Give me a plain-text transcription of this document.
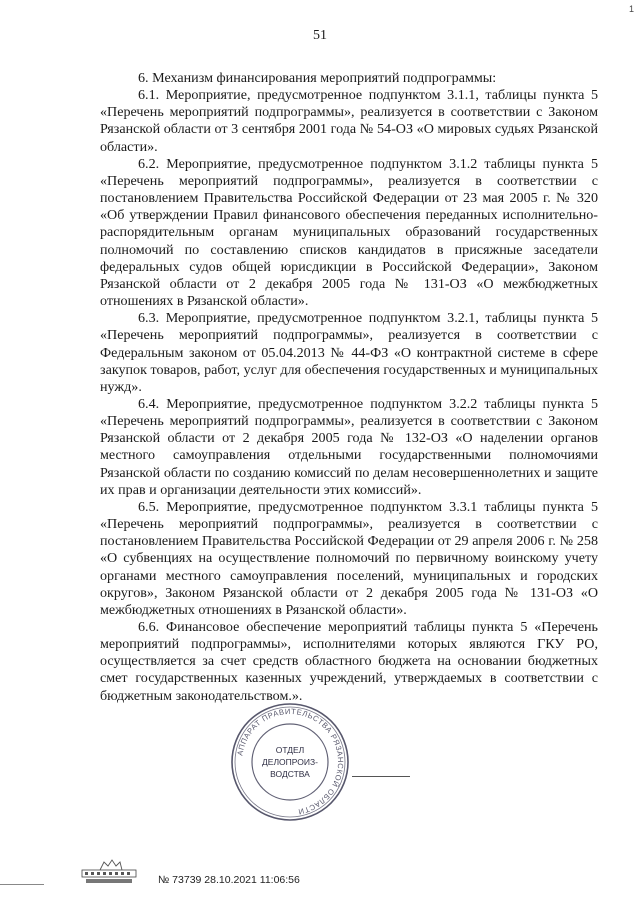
1
51

6. Механизм финансирования мероприятий подпрограммы:

6.1. Мероприятие, предусмотренное подпунктом 3.1.1, таблицы пункта 5 «Перечень мероприятий подпрограммы», реализуется в соответствии с Законом Рязанской области от 3 сентября 2001 года № 54-ОЗ «О мировых судьях Рязанской области».

6.2. Мероприятие, предусмотренное подпунктом 3.1.2 таблицы пункта 5 «Перечень мероприятий подпрограммы», реализуется в соответствии с постановлением Правительства Российской Федерации от 23 мая 2005 г. № 320 «Об утверждении Правил финансового обеспечения переданных исполнительно-распорядительным органам муниципальных образований государственных полномочий по составлению списков кандидатов в присяжные заседатели федеральных судов общей юрисдикции в Российской Федерации», Законом Рязанской области от 2 декабря 2005 года № 131-ОЗ «О межбюджетных отношениях в Рязанской области».

6.3. Мероприятие, предусмотренное подпунктом 3.2.1, таблицы пункта 5 «Перечень мероприятий подпрограммы», реализуется в соответствии с Федеральным законом от 05.04.2013 № 44-ФЗ «О контрактной системе в сфере закупок товаров, работ, услуг для обеспечения государственных и муниципальных нужд».

6.4. Мероприятие, предусмотренное подпунктом 3.2.2 таблицы пункта 5 «Перечень мероприятий подпрограммы», реализуется в соответствии с Законом Рязанской области от 2 декабря 2005 года № 132-ОЗ «О наделении органов местного самоуправления отдельными государственными полномочиями Рязанской области по созданию комиссий по делам несовершеннолетних и защите их прав и организации деятельности этих комиссий».

6.5. Мероприятие, предусмотренное подпунктом 3.3.1 таблицы пункта 5 «Перечень мероприятий подпрограммы», реализуется в соответствии с постановлением Правительства Российской Федерации от 29 апреля 2006 г. № 258 «О субвенциях на осуществление полномочий по первичному воинскому учету органами местного самоуправления поселений, муниципальных и городских округов», Законом Рязанской области от 2 декабря 2005 года № 131-ОЗ «О межбюджетных отношениях в Рязанской области».

6.6. Финансовое обеспечение мероприятий таблицы пункта 5 «Перечень мероприятий подпрограммы», исполнителями которых являются ГКУ РО, осуществляется за счет средств областного бюджета на основании бюджетных смет государственных казенных учреждений, утверждаемых в соответствии с бюджетным законодательством.».

АППАРАТ ПРАВИТЕЛЬСТВА РЯЗАНСКОЙ ОБЛАСТИ
ОТДЕЛ
ДЕЛОПРОИЗ-
ВОДСТВА
№ 73739 28.10.2021 11:06:56
